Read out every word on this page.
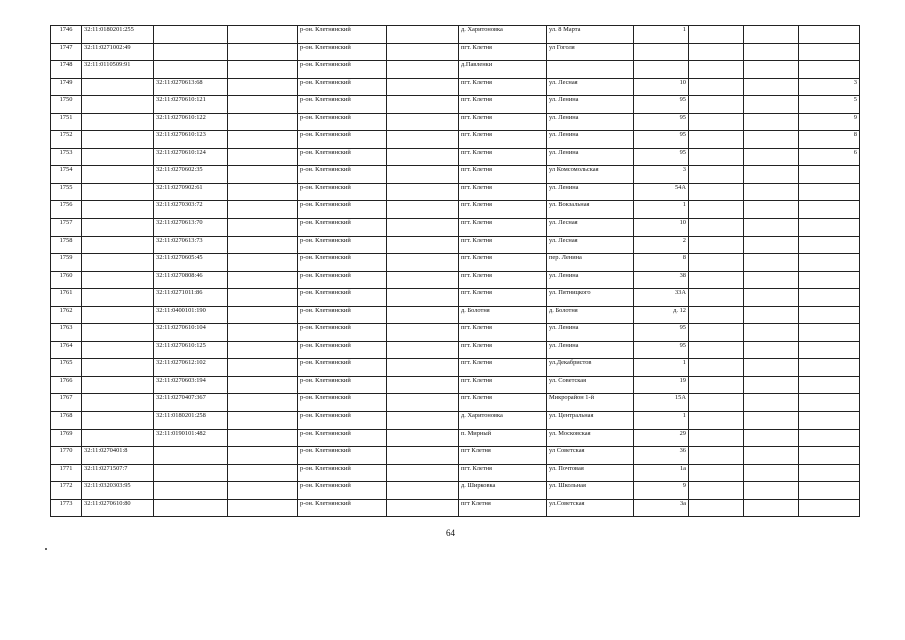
1746	32:11:0180201:255			р-он. Клетнянский		д. Харитоновка	ул. 8 Марта	1			
1747	32:11:0271002:49			р-он. Клетнянский		пгт. Клетня	ул Гоголя				
1748	32:11:0110509:91			р-он. Клетнянский		д.Павленки					
1749		32:11:0270613:68		р-он. Клетнянский		пгт. Клетня	ул. Лесная	10			3
1750		32:11:0270610:121		р-он. Клетнянский		пгт. Клетня	ул. Ленина	95			5
1751		32:11:0270610:122		р-он. Клетнянский		пгт. Клетня	ул. Ленина	95			9
1752		32:11:0270610:123		р-он. Клетнянский		пгт. Клетня	ул. Ленина	95			8
1753		32:11:0270610:124		р-он. Клетнянский		пгт. Клетня	ул. Ленина	95			6
1754		32:11:0270602:35		р-он. Клетнянский		пгт. Клетня	ул Комсомольская	3			
1755		32:11:0270902:61		р-он. Клетнянский		пгт. Клетня	ул. Ленина	54А			
1756		32:11:0270303:72		р-он. Клетнянский		пгт. Клетня	ул. Вокзальная	1			
1757		32:11:0270613:70		р-он. Клетнянский		пгт. Клетня	ул. Лесная	10			
1758		32:11:0270613:73		р-он. Клетнянский		пгт. Клетня	ул. Лесная	2			
1759		32:11:0270605:45		р-он. Клетнянский		пгт. Клетня	пер. Ленина	8			
1760		32:11:0270808:46		р-он. Клетнянский		пгт. Клетня	ул. Ленина	38			
1761		32:11:0271011:86		р-он. Клетнянский		пгт. Клетня	ул. Пятницкого	33А			
1762		32:11:0400101:190		р-он. Клетнянский		д. Болотня	д. Болотня	д. 12			
1763		32:11:0270610:104		р-он. Клетнянский		пгт. Клетня	ул. Ленина	95			
1764		32:11:0270610:125		р-он. Клетнянский		пгт. Клетня	ул. Ленина	95			
1765		32:11:0270612:102		р-он. Клетнянский		пгт. Клетня	ул.Декабристов	1			
1766		32:11:0270603:194		р-он. Клетнянский		пгт. Клетня	ул. Советская	19			
1767		32:11:0270407:367		р-он. Клетнянский		пгт. Клетня	Микрорайон 1-й	15А			
1768		32:11:0180201:258		р-он. Клетнянский		д. Харитоновка	ул. Центральная	1			
1769		32:11:0190101:482		р-он. Клетнянский		п. Мирный	ул. Московская	29			
1770	32:11:0270401:8			р-он. Клетнянский		пгт Клетня	ул Советская	36			
1771	32:11:0271507:7			р-он. Клетнянский		пгт. Клетня	ул. Почтовая	1а			
1772	32:11:0320303:95			р-он. Клетнянский		д. Ширковка	ул. Школьная	9			
1773	32:11:0270610:80			р-он. Клетнянский		пгт Клетня	ул.Советская	3а			
64
